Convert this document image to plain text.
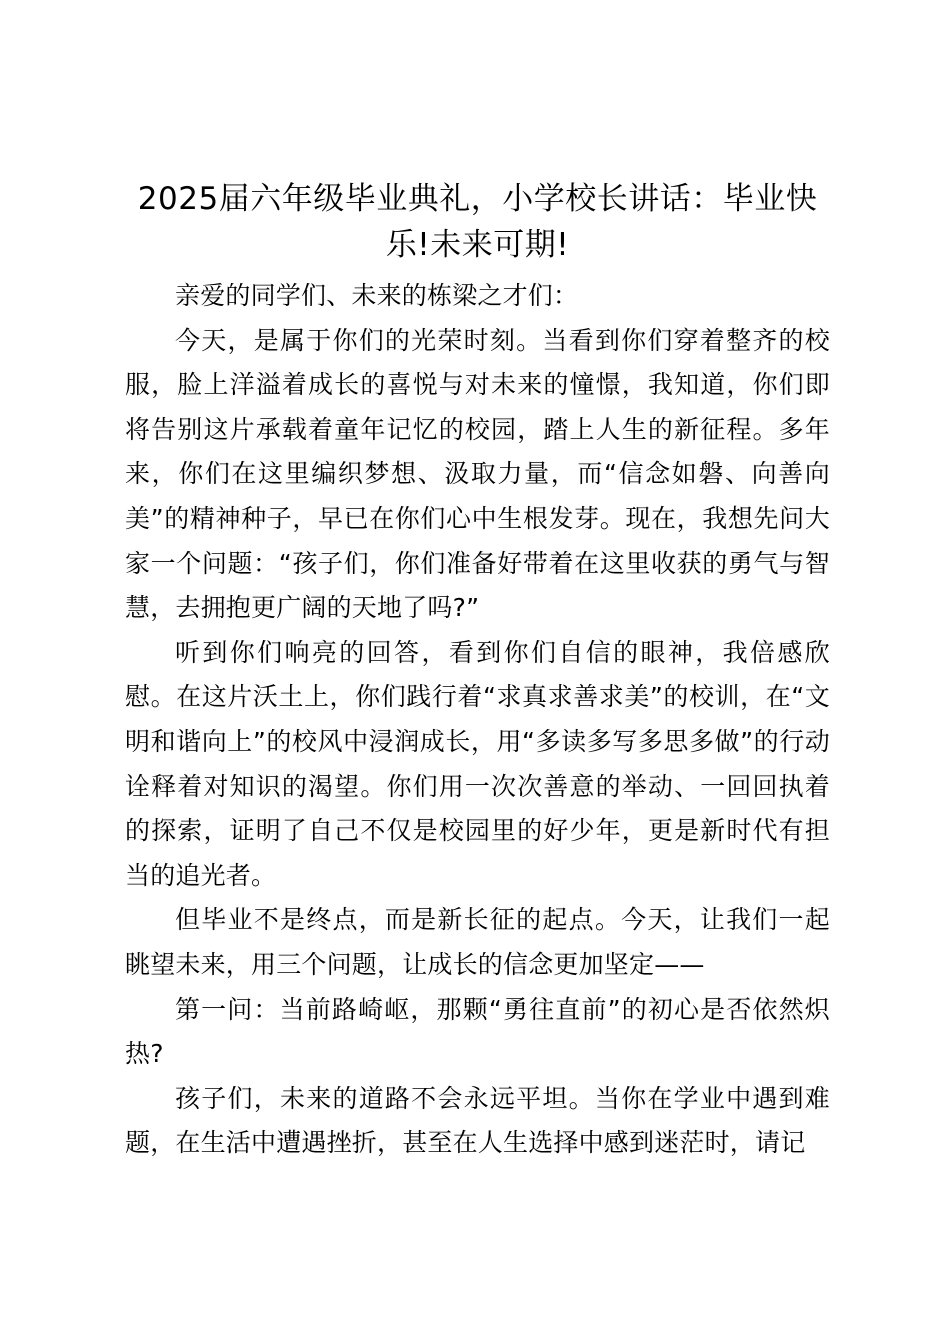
2025届六年级毕业典礼，小学校长讲话：毕业快乐!未来可期!

亲爱的同学们、未来的栋梁之才们：

今天，是属于你们的光荣时刻。当看到你们穿着整齐的校服，脸上洋溢着成长的喜悦与对未来的憧憬，我知道，你们即将告别这片承载着童年记忆的校园，踏上人生的新征程。多年来，你们在这里编织梦想、汲取力量，而“信念如磐、向善向美”的精神种子，早已在你们心中生根发芽。现在，我想先问大家一个问题：“孩子们，你们准备好带着在这里收获的勇气与智慧，去拥抱更广阔的天地了吗?”

听到你们响亮的回答，看到你们自信的眼神，我倍感欣慰。在这片沃土上，你们践行着“求真求善求美”的校训，在“文明和谐向上”的校风中浸润成长，用“多读多写多思多做”的行动诠释着对知识的渴望。你们用一次次善意的举动、一回回执着的探索，证明了自己不仅是校园里的好少年，更是新时代有担当的追光者。

但毕业不是终点，而是新长征的起点。今天，让我们一起眺望未来，用三个问题，让成长的信念更加坚定——

第一问：当前路崎岖，那颗“勇往直前”的初心是否依然炽热?

孩子们，未来的道路不会永远平坦。当你在学业中遇到难题，在生活中遭遇挫折，甚至在人生选择中感到迷茫时，请记
